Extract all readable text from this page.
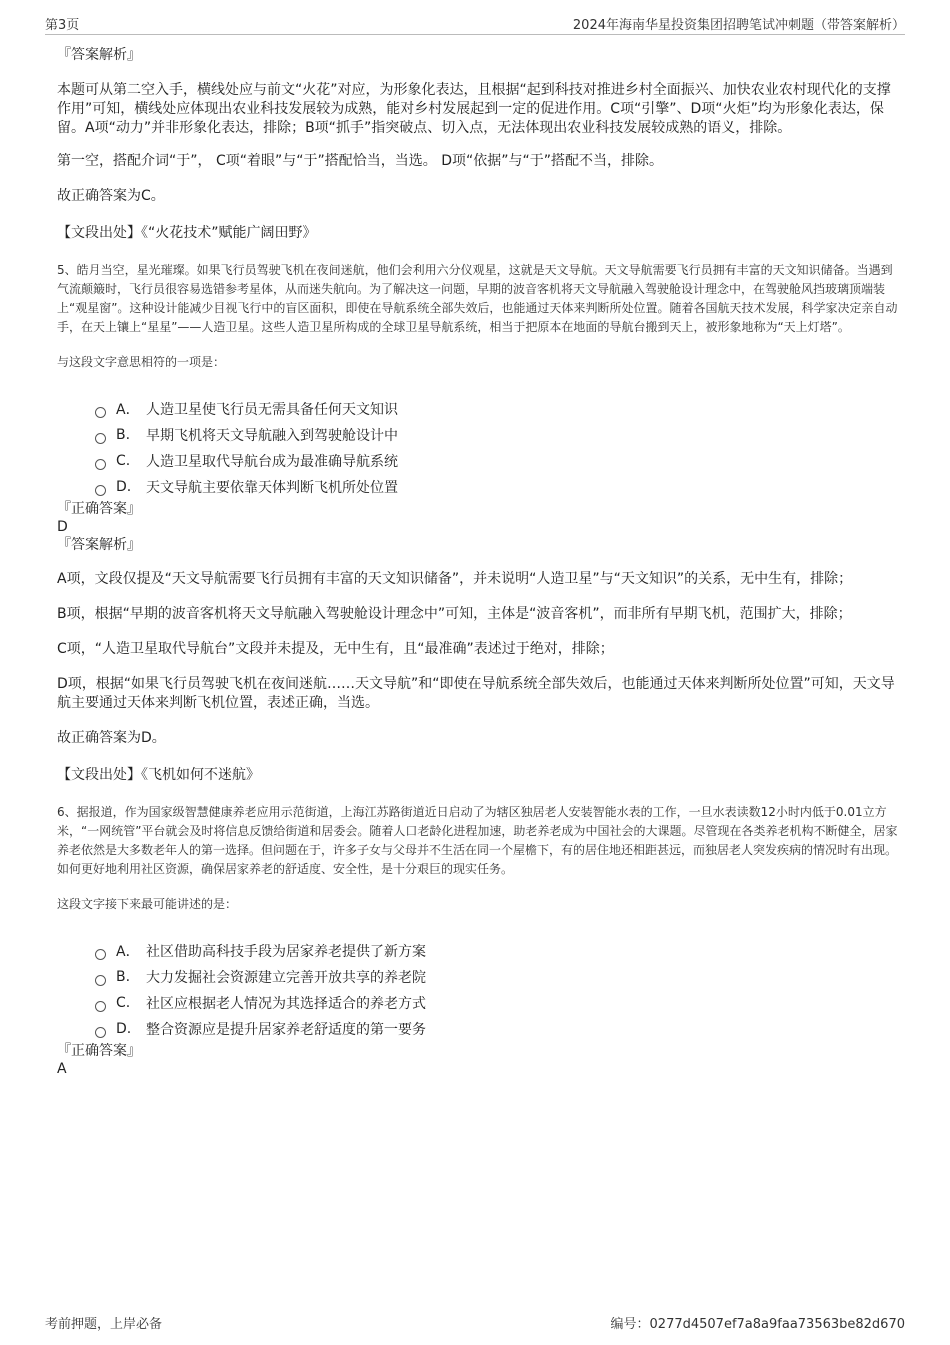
第3页	2024年海南华星投资集团招聘笔试冲刺题（带答案解析）

『答案解析』

本题可从第二空入手，横线处应与前文“火花”对应，为形象化表达，且根据“起到科技对推进乡村全面振兴、加快农业农村现代化的支撑作用”可知，横线处应体现出农业科技发展较为成熟，能对乡村发展起到一定的促进作用。C项“引擎”、D项“火炬”均为形象化表达，保留。A项“动力”并非形象化表达，排除；B项“抓手”指突破点、切入点，无法体现出农业科技发展较成熟的语义，排除。

第一空，搭配介词“于”， C项“着眼”与“于”搭配恰当，当选。 D项“依据”与“于”搭配不当，排除。

故正确答案为C。

【文段出处】《“火花技术”赋能广阔田野》

5、皓月当空，星光璀璨。如果飞行员驾驶飞机在夜间迷航，他们会利用六分仪观星，这就是天文导航。天文导航需要飞行员拥有丰富的天文知识储备。当遇到气流颠簸时，飞行员很容易选错参考星体，从而迷失航向。为了解决这一问题，早期的波音客机将天文导航融入驾驶舱设计理念中，在驾驶舱风挡玻璃顶端装上“观星窗”。这种设计能减少目视飞行中的盲区面积，即使在导航系统全部失效后，也能通过天体来判断所处位置。随着各国航天技术发展，科学家决定亲自动手，在天上镶上“星星”——人造卫星。这些人造卫星所构成的全球卫星导航系统，相当于把原本在地面的导航台搬到天上，被形象地称为“天上灯塔”。

与这段文字意思相符的一项是：

A． 人造卫星使飞行员无需具备任何天文知识
B.	早期飞机将天文导航融入到驾驶舱设计中
C.	人造卫星取代导航台成为最准确导航系统
D.	天文导航主要依靠天体判断飞机所处位置

『正确答案』

D

『答案解析』

A项，文段仅提及“天文导航需要飞行员拥有丰富的天文知识储备”，并未说明“人造卫星”与“天文知识”的关系，无中生有，排除；

B项，根据“早期的波音客机将天文导航融入驾驶舱设计理念中”可知，主体是“波音客机”，而非所有早期飞机，范围扩大，排除；

C项，“人造卫星取代导航台”文段并未提及，无中生有，且“最准确”表述过于绝对，排除；

D项，根据“如果飞行员驾驶飞机在夜间迷航……天文导航”和“即使在导航系统全部失效后，也能通过天体来判断所处位置”可知，天文导航主要通过天体来判断飞机位置，表述正确，当选。

故正确答案为D。

【文段出处】《飞机如何不迷航》

6、据报道，作为国家级智慧健康养老应用示范街道，上海江苏路街道近日启动了为辖区独居老人安装智能水表的工作，一旦水表读数12小时内低于0.01立方米，“一网统管”平台就会及时将信息反馈给街道和居委会。随着人口老龄化进程加速，助老养老成为中国社会的大课题。尽管现在各类养老机构不断健全，居家养老依然是大多数老年人的第一选择。但问题在于，许多子女与父母并不生活在同一个屋檐下，有的居住地还相距甚远，而独居老人突发疾病的情况时有出现。如何更好地利用社区资源，确保居家养老的舒适度、安全性，是十分艰巨的现实任务。

这段文字接下来最可能讲述的是：

A． 社区借助高科技手段为居家养老提供了新方案
B.	大力发掘社会资源建立完善开放共享的养老院
C.	社区应根据老人情况为其选择适合的养老方式
D.	整合资源应是提升居家养老舒适度的第一要务

『正确答案』

A

考前押题，上岸必备	编号：0277d4507ef7a8a9faa73563be82d670
